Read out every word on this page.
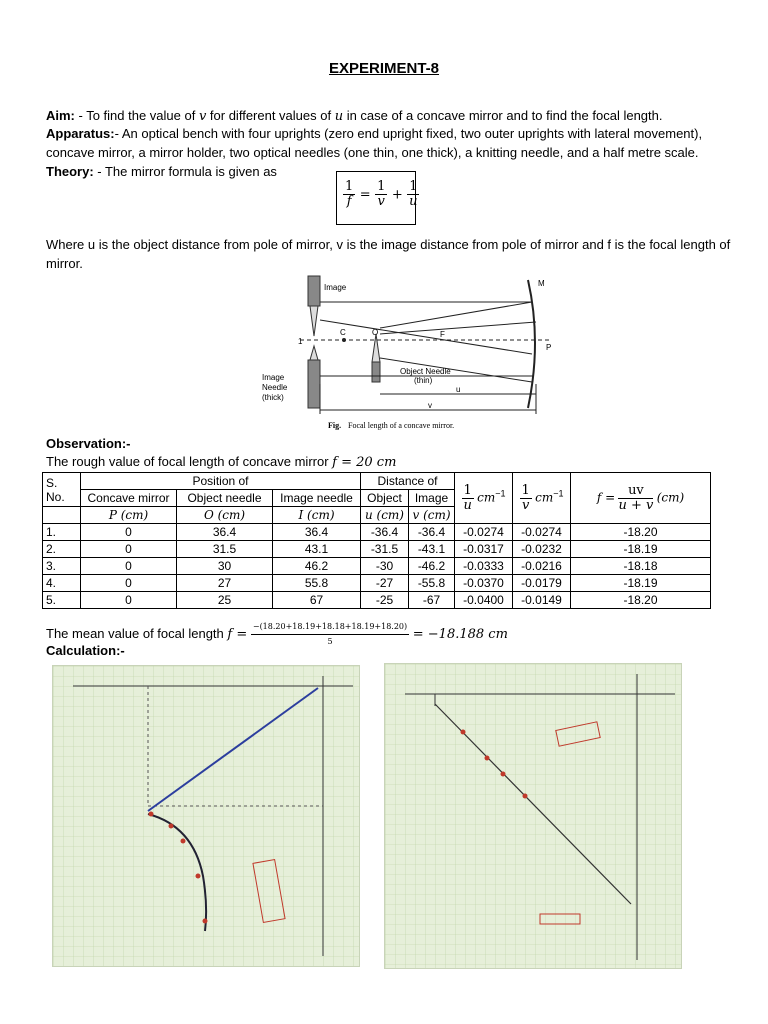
EXPERIMENT-8
Aim: - To find the value of v for different values of u in case of a concave mirror and to find the focal length.
Apparatus:- An optical bench with four uprights (zero end upright fixed, two outer uprights with lateral movement),
concave mirror, a mirror holder, two optical needles (one thin, one thick), a knitting needle, and a half metre scale.
Theory: - The mirror formula is given as
$\frac{1}{f} = \frac{1}{v} + \frac{1}{u}$
Where u is the object distance from pole of mirror, v is the image distance from pole of mirror and f is the focal length of
mirror.
Image	M
1
C	O	F
P
Object Needle
(thin)
Image
Needle
(thick)
u
v
Fig. Focal length of a concave mirror.
Observation:-
The rough value of focal length of concave mirror f = 20 cm
S.
No.	Position of			Distance of		$\frac{1}{u} cm^{-1}$	$\frac{1}{v} cm^{-1}$	$f = \frac{uv}{u + v} (cm)$
	Concave mirror	Object needle	Image needle	Object	Image			
	P (cm)	O (cm)	I (cm)	u (cm)	v (cm)			
1.	0	36.4	36.4	-36.4	-36.4	-0.0274	-0.0274	-18.20
2.	0	31.5	43.1	-31.5	-43.1	-0.0317	-0.0232	-18.19
3.	0	30	46.2	-30	-46.2	-0.0333	-0.0216	-18.18
4.	0	27	55.8	-27	-55.8	-0.0370	-0.0179	-18.19
5.	0	25	67	-25	-67	-0.0400	-0.0149	-18.20
The mean value of focal length $f = \frac{-(18.20+18.19+18.18+18.19+18.20)}{5} = -18.188$ cm
Calculation:-
